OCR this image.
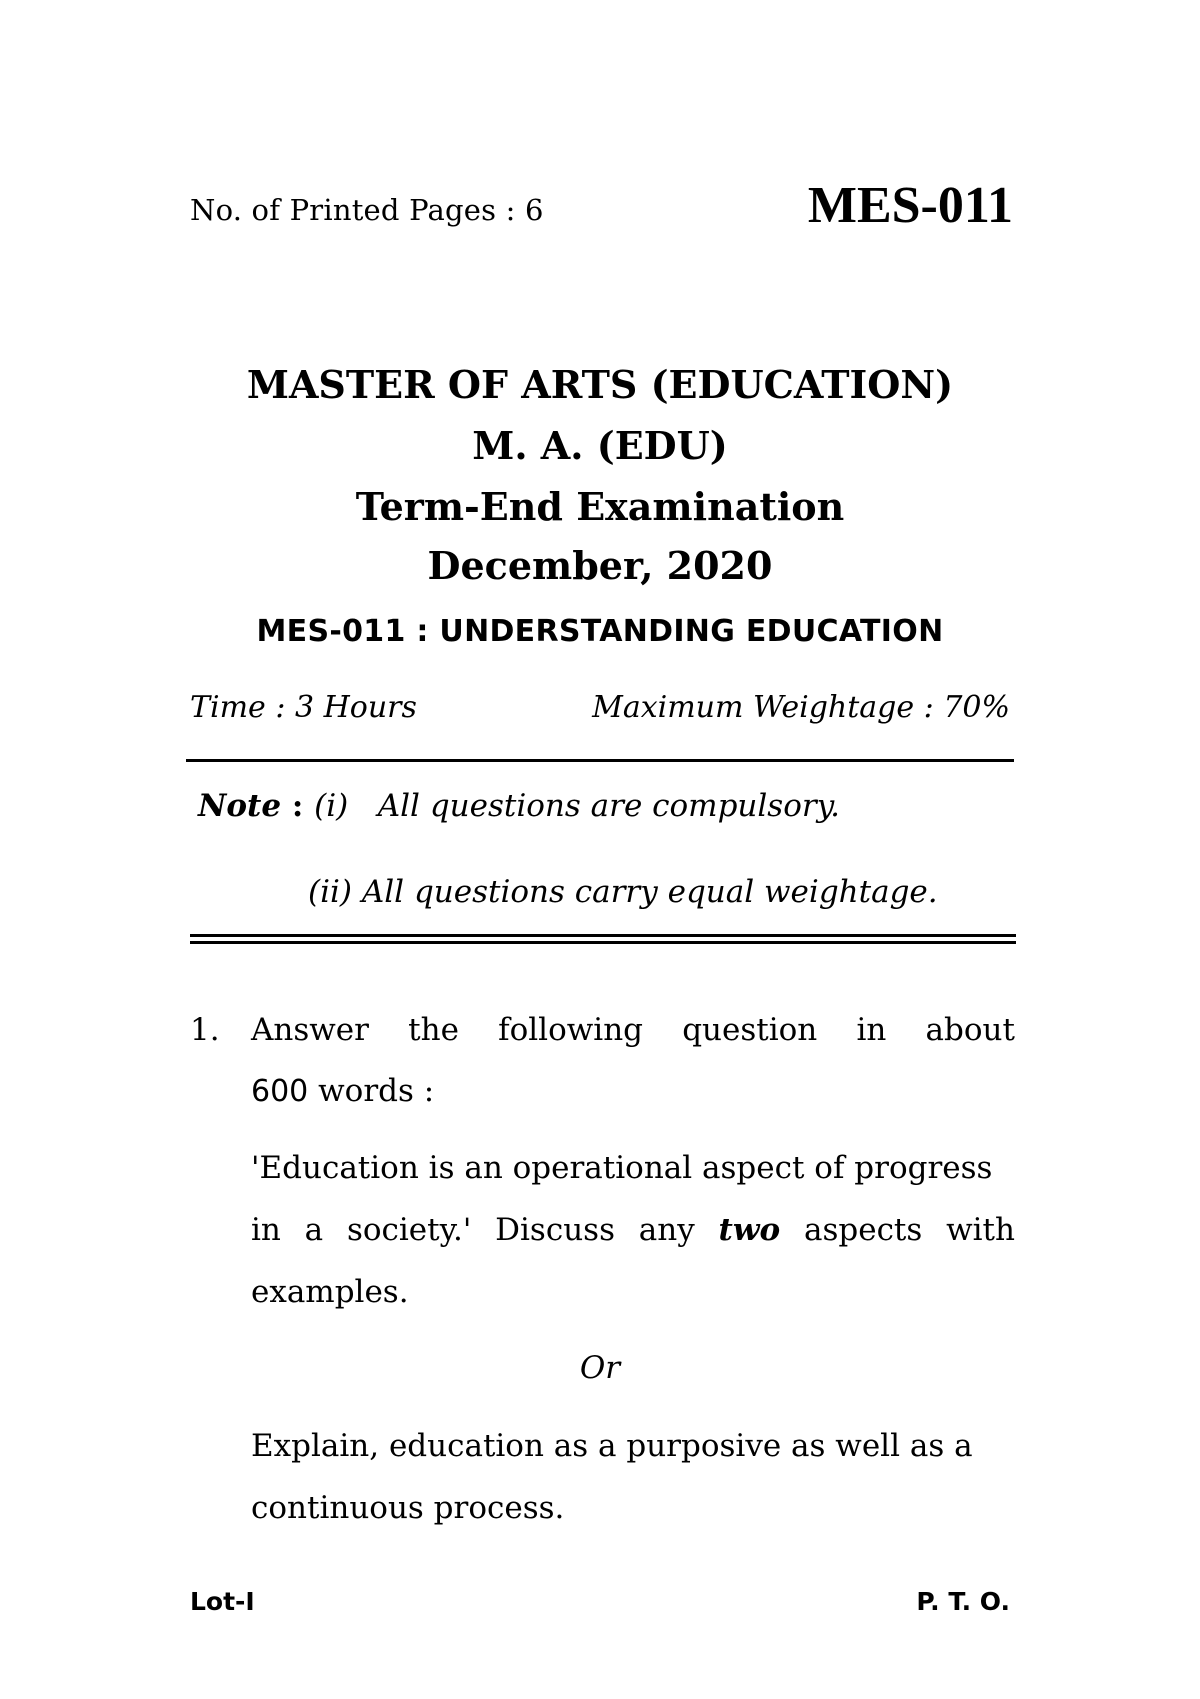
No. of Printed Pages : 6	MES-011
MASTER OF ARTS (EDUCATION)
M. A. (EDU)
Term-End Examination
December, 2020
MES-011 : UNDERSTANDING EDUCATION
Time : 3 Hours	Maximum Weightage : 70%
Note : (i)   All questions are compulsory.
(ii) All questions carry equal weightage.
1. Answer the following question in about
600 words :
'Education is an operational aspect of progress
in a society.' Discuss any two aspects with
examples.
Or
Explain, education as a purposive as well as a
continuous process.
Lot-I	P. T. O.
